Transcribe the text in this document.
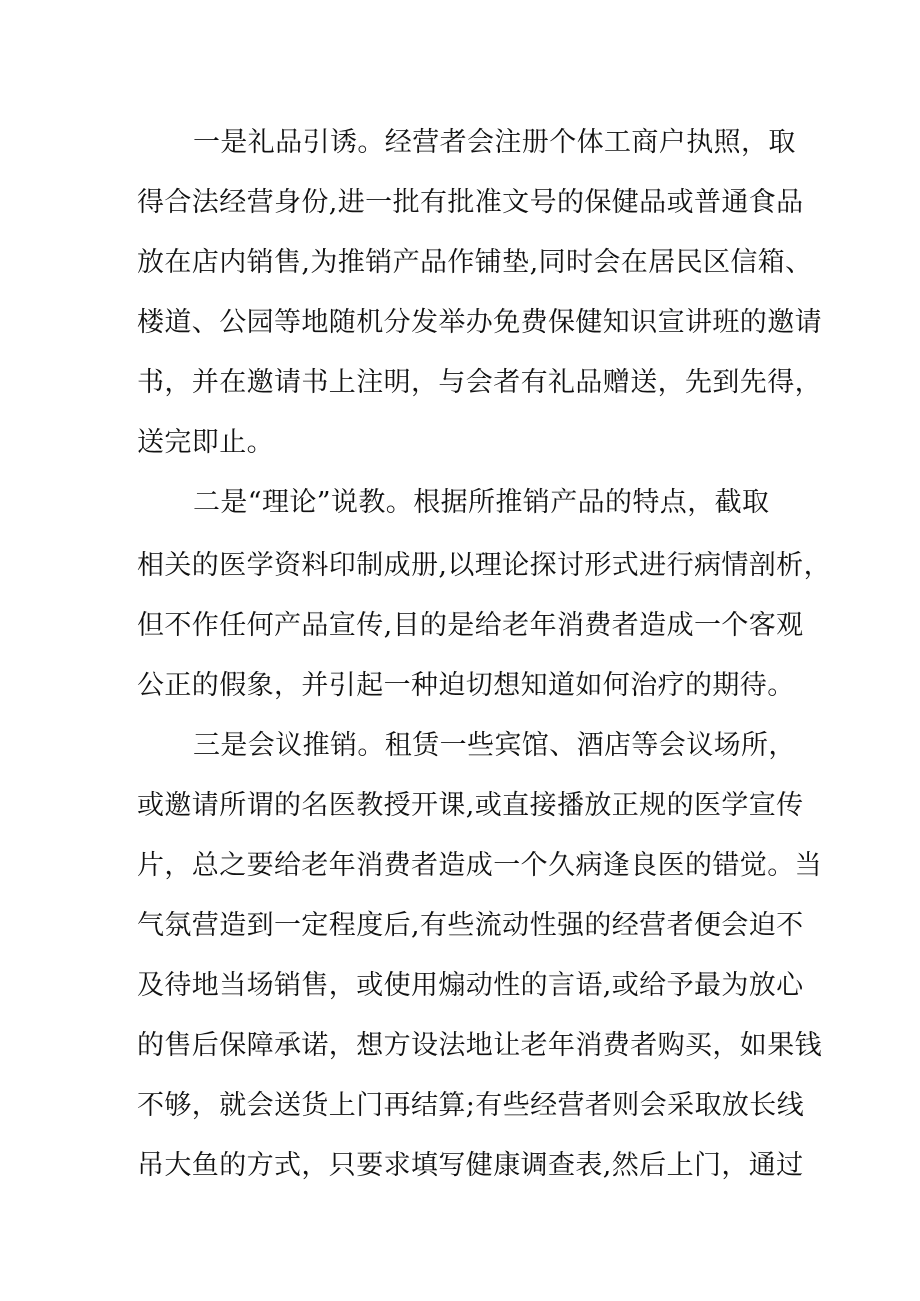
一是礼品引诱。经营者会注册个体工商户执照，取
得合法经营身份,进一批有批准文号的保健品或普通食品
放在店内销售,为推销产品作铺垫,同时会在居民区信箱、
楼道、公园等地随机分发举办免费保健知识宣讲班的邀请
书，并在邀请书上注明，与会者有礼品赠送，先到先得，
送完即止。
二是“理论”说教。根据所推销产品的特点，截取
相关的医学资料印制成册,以理论探讨形式进行病情剖析，
但不作任何产品宣传,目的是给老年消费者造成一个客观
公正的假象，并引起一种迫切想知道如何治疗的期待。
三是会议推销。租赁一些宾馆、酒店等会议场所，
或邀请所谓的名医教授开课,或直接播放正规的医学宣传
片，总之要给老年消费者造成一个久病逢良医的错觉。当
气氛营造到一定程度后,有些流动性强的经营者便会迫不
及待地当场销售，或使用煽动性的言语,或给予最为放心
的售后保障承诺，想方设法地让老年消费者购买，如果钱
不够，就会送货上门再结算;有些经营者则会采取放长线
吊大鱼的方式，只要求填写健康调查表,然后上门，通过
